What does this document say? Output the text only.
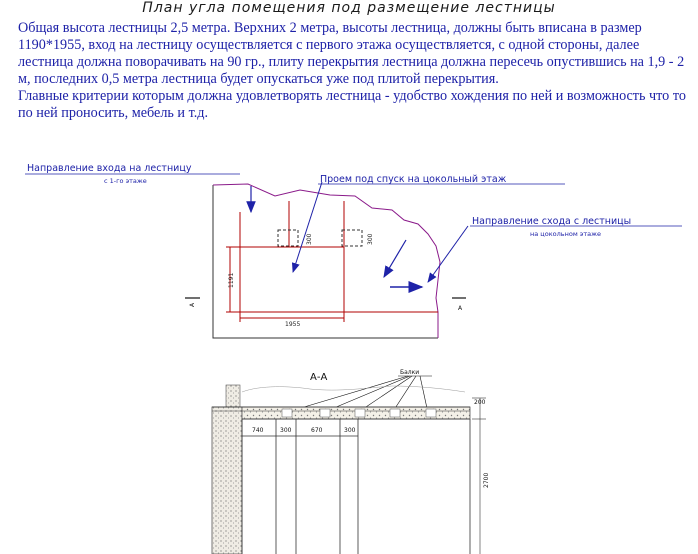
План угла помещения под размещение лестницы

Общая высота лестницы 2,5 метра. Верхних 2 метра, высоты лестница, должны быть вписана в размер 1190*1955, вход на лестницу осуществляется с первого этажа осуществляется, с одной стороны, далее лестница должна поворачивать на 90 гр., плиту перекрытия лестница должна пересечь опустившись на 1,9 - 2 м, последних 0,5 метра лестница будет опускаться уже под плитой перекрытия.

Главные критерии которым должна удовлетворять лестница - удобство хождения по ней и возможность что то по ней проносить, мебель и т.д.

300	300
1955
1191
Направление входа на лестницу
с 1-го этаже	Проем под спуск на цокольный этаж
Направление схода с лестницы
на цокольном этаже
А
А
А-А	Балки
740	300	670	300
200
2700
